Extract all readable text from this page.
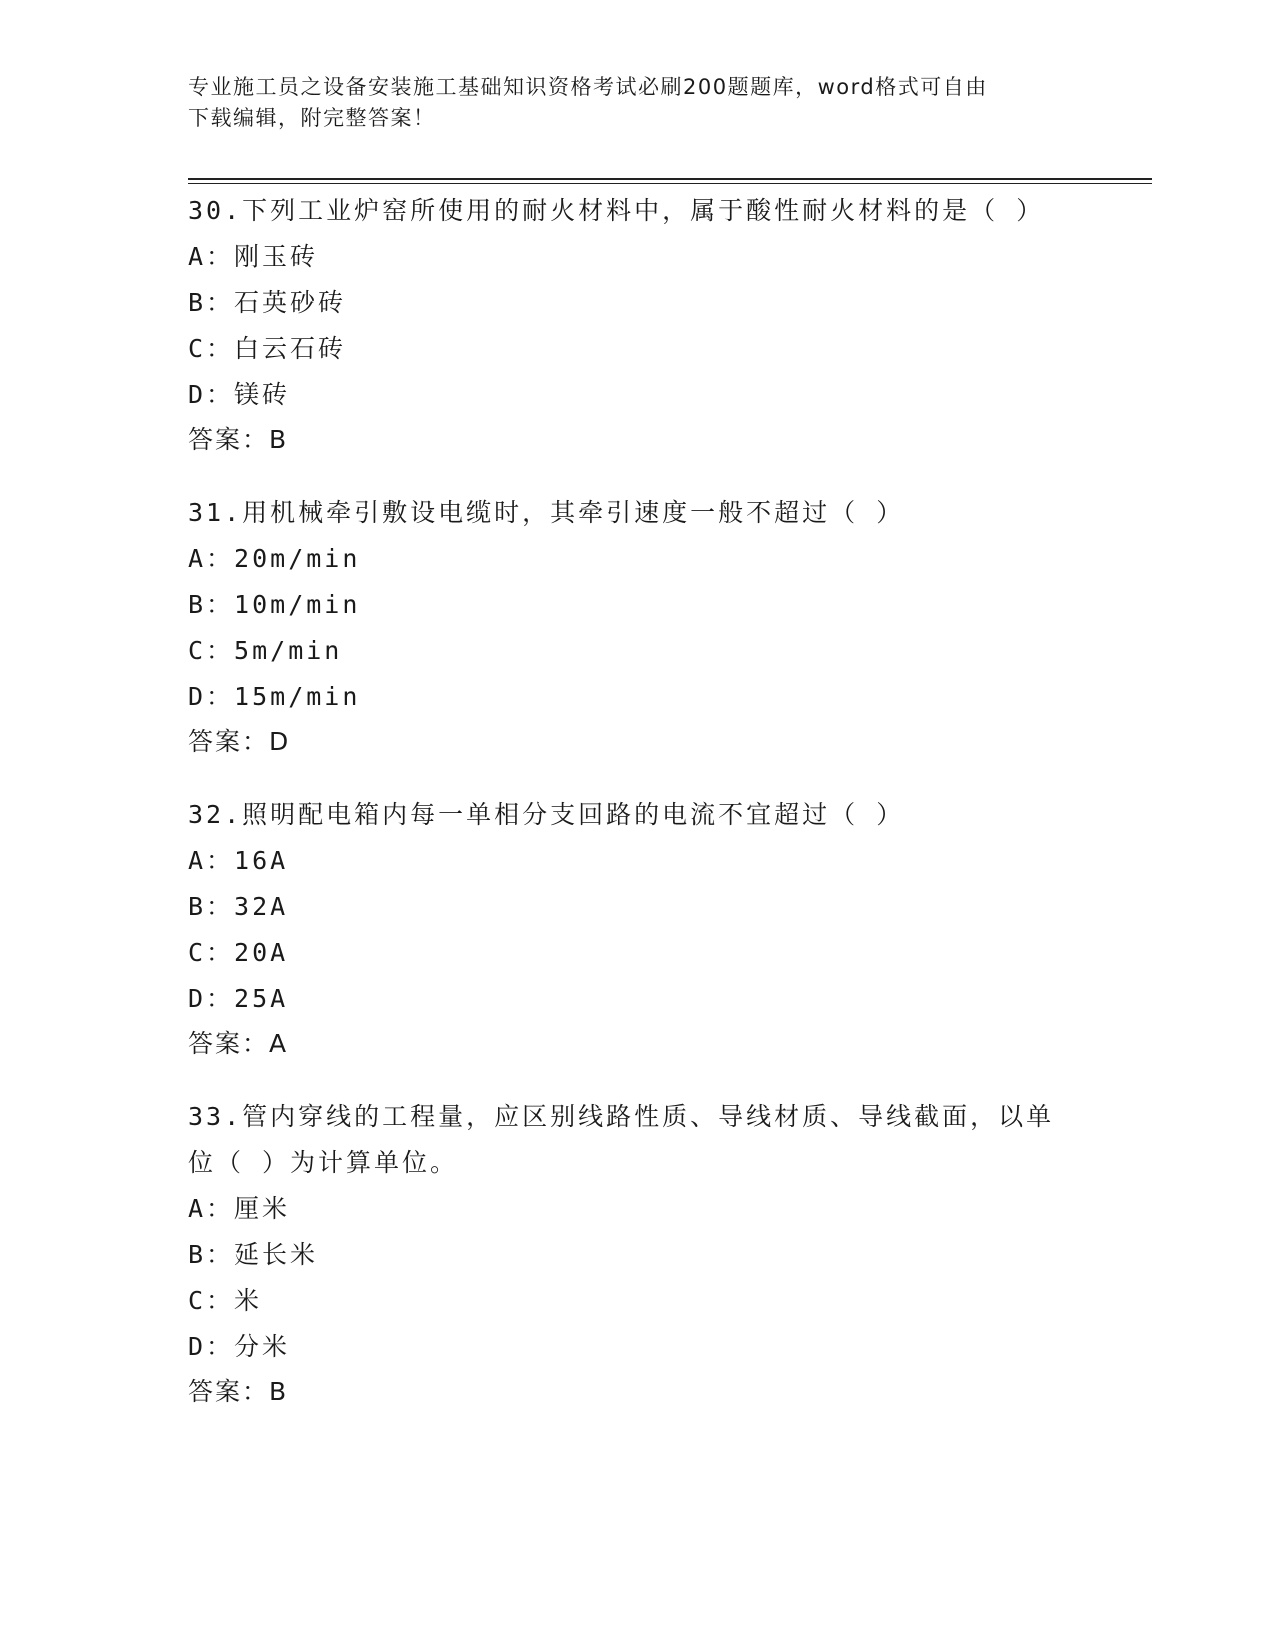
专业施工员之设备安装施工基础知识资格考试必刷200题题库，word格式可自由
下载编辑，附完整答案！
30.下列工业炉窑所使用的耐火材料中，属于酸性耐火材料的是（ ）
A：刚玉砖
B：石英砂砖
C：白云石砖
D：镁砖
答案：B
31.用机械牵引敷设电缆时，其牵引速度一般不超过（ ）
A：20m/min
B：10m/min
C：5m/min
D：15m/min
答案：D
32.照明配电箱内每一单相分支回路的电流不宜超过（ ）
A：16A
B：32A
C：20A
D：25A
答案：A
33.管内穿线的工程量，应区别线路性质、导线材质、导线截面，以单
位（ ）为计算单位。
A：厘米
B：延长米
C：米
D：分米
答案：B
